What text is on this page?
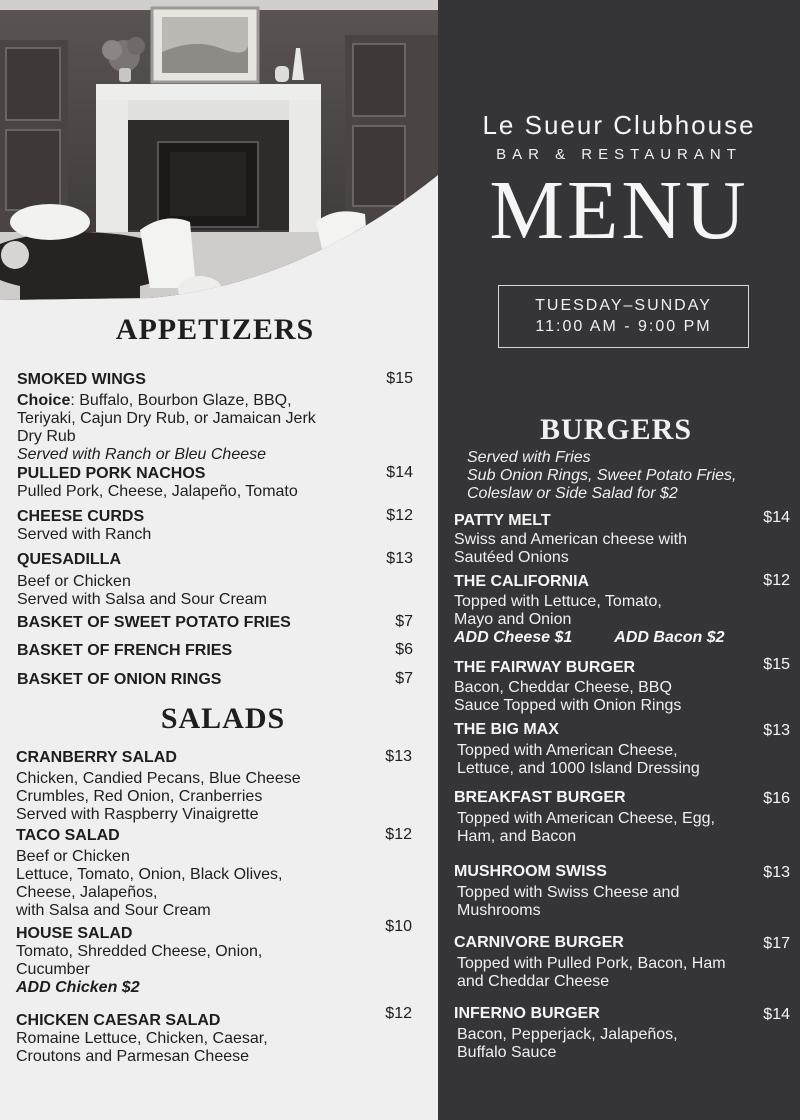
APPETIZERS
SMOKED WINGS	$15
Choice: Buffalo, Bourbon Glaze, BBQ, Teriyaki, Cajun Dry Rub, or Jamaican Jerk Dry Rub
Served with Ranch or Bleu Cheese
PULLED PORK NACHOS	$14
Pulled Pork, Cheese, Jalapeño, Tomato
CHEESE CURDS	$12
Served with Ranch
QUESADILLA	$13
Beef or Chicken
Served with Salsa and Sour Cream
BASKET OF SWEET POTATO FRIES	$7
BASKET OF FRENCH FRIES	$6
BASKET OF ONION RINGS	$7
SALADS
CRANBERRY SALAD	$13
Chicken, Candied Pecans, Blue Cheese
Crumbles, Red Onion, Cranberries
Served with Raspberry Vinaigrette
TACO SALAD	$12
Beef or Chicken
Lettuce, Tomato, Onion, Black Olives,
Cheese, Jalapeños,
with Salsa and Sour Cream
HOUSE SALAD	$10
Tomato, Shredded Cheese, Onion,
Cucumber
ADD Chicken $2
CHICKEN CAESAR SALAD	$12
Romaine Lettuce, Chicken, Caesar,
Croutons and Parmesan Cheese
Le Sueur Clubhouse
BAR & RESTAURANT
MENU
TUESDAY–SUNDAY
11:00 AM - 9:00 PM
BURGERS
Served with Fries
Sub Onion Rings, Sweet Potato Fries,
Coleslaw or Side Salad for $2
PATTY MELT	$14
Swiss and American cheese with
Sautéed Onions
THE CALIFORNIA	$12
Topped with Lettuce, Tomato,
Mayo and Onion
ADD Cheese $1	ADD Bacon $2
THE FAIRWAY BURGER	$15
Bacon, Cheddar Cheese, BBQ
Sauce Topped with Onion Rings
THE BIG MAX	$13
Topped with American Cheese,
Lettuce, and 1000 Island Dressing
BREAKFAST BURGER	$16
Topped with American Cheese, Egg,
Ham, and Bacon
MUSHROOM SWISS	$13
Topped with Swiss Cheese and
Mushrooms
CARNIVORE BURGER	$17
Topped with Pulled Pork, Bacon, Ham
and Cheddar Cheese
INFERNO BURGER	$14
Bacon, Pepperjack, Jalapeños,
Buffalo Sauce
